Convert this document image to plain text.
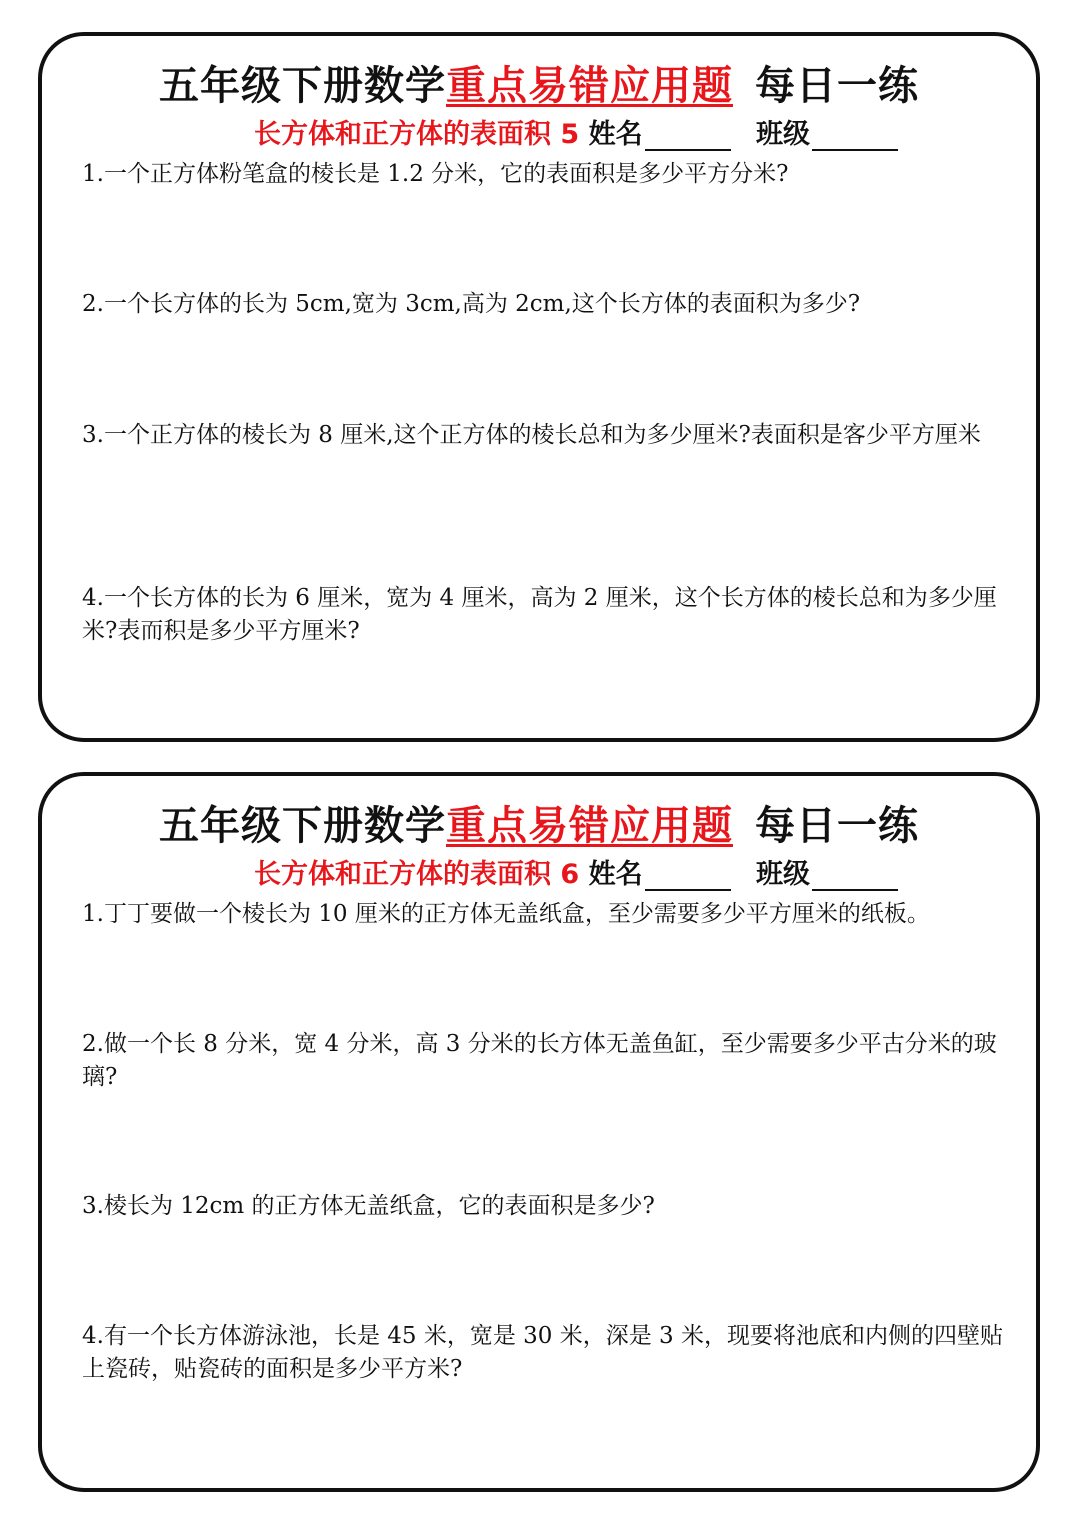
五年级下册数学重点易错应用题 每日一练
长方体和正方体的表面积 5 姓名	班级
1.一个正方体粉笔盒的棱长是 1.2 分米，它的表面积是多少平方分米?
2.一个长方体的长为 5cm,宽为 3cm,高为 2cm,这个长方体的表面积为多少?
3.一个正方体的棱长为 8 厘米,这个正方体的棱长总和为多少厘米?表面积是客少平方厘米
4.一个长方体的长为 6 厘米，宽为 4 厘米，高为 2 厘米，这个长方体的棱长总和为多少厘米?表而积是多少平方厘米?
五年级下册数学重点易错应用题 每日一练
长方体和正方体的表面积 6 姓名	班级
1.丁丁要做一个棱长为 10 厘米的正方体无盖纸盒，至少需要多少平方厘米的纸板。
2.做一个长 8 分米，宽 4 分米，高 3 分米的长方体无盖鱼缸，至少需要多少平古分米的玻璃?
3.棱长为 12cm 的正方体无盖纸盒，它的表面积是多少?
4.有一个长方体游泳池，长是 45 米，宽是 30 米，深是 3 米，现要将池底和内侧的四壁贴上瓷砖，贴瓷砖的面积是多少平方米?
